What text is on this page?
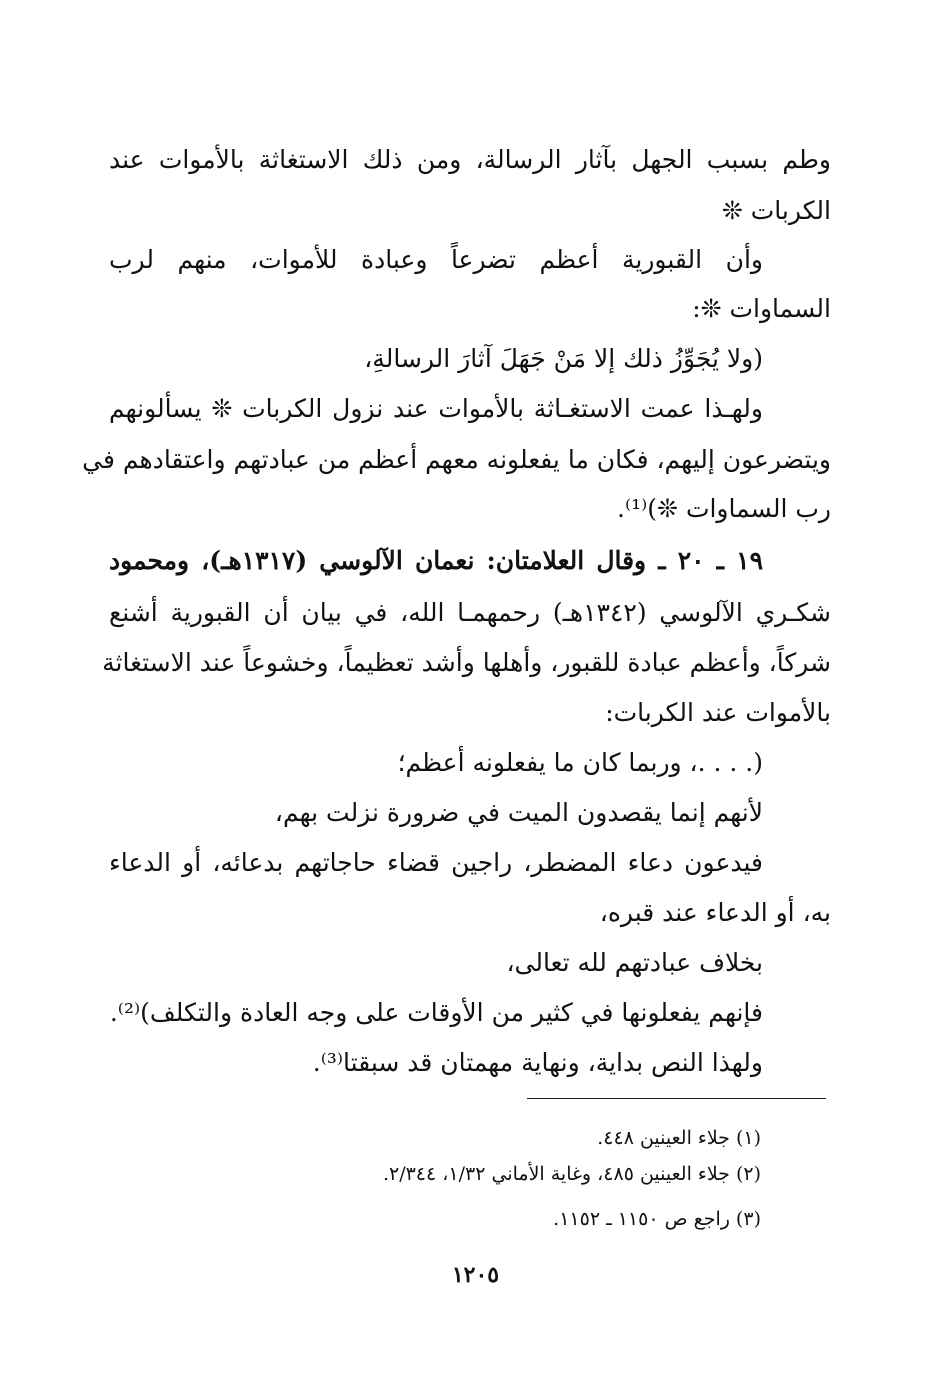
وطم بسبب الجهل بآثار الرسالة، ومن ذلك الاستغاثة بالأموات عند
الكربات ❊
وأن القبورية أعظم تضرعاً وعبادة للأموات، منهم لرب
السماوات ❊:
(ولا يُجَوِّزُ ذلك إلا مَنْ جَهَلَ آثارَ الرسالةِ،
ولهـذا عمت الاستغـاثة بالأموات عند نزول الكربات ❊ يسألونهم
ويتضرعون إليهم، فكان ما يفعلونه معهم أعظم من عبادتهم واعتقادهم في
رب السماوات ❊)⁽¹⁾.
١٩ ـ ٢٠ ـ وقال العلامتان: نعمان الآلوسي (١٣١٧هـ)، ومحمود
شكـري الآلوسي (١٣٤٢هـ) رحمهمـا الله، في بيان أن القبورية أشنع
شركاً، وأعظم عبادة للقبور، وأهلها وأشد تعظيماً، وخشوعاً عند الاستغاثة
بالأموات عند الكربات:
(. . . .، وربما كان ما يفعلونه أعظم؛
لأنهم إنما يقصدون الميت في ضرورة نزلت بهم،
فيدعون دعاء المضطر، راجين قضاء حاجاتهم بدعائه، أو الدعاء
به، أو الدعاء عند قبره،
بخلاف عبادتهم لله تعالى،
فإنهم يفعلونها في كثير من الأوقات على وجه العادة والتكلف)⁽²⁾.
ولهذا النص بداية، ونهاية مهمتان قد سبقتا⁽³⁾.
(١) جلاء العينين ٤٤٨.
(٢) جلاء العينين ٤٨٥، وغاية الأماني ١/٣٢، ٢/٣٤٤.
(٣) راجع ص ١١٥٠ ـ ١١٥٢.
١٢٠٥
